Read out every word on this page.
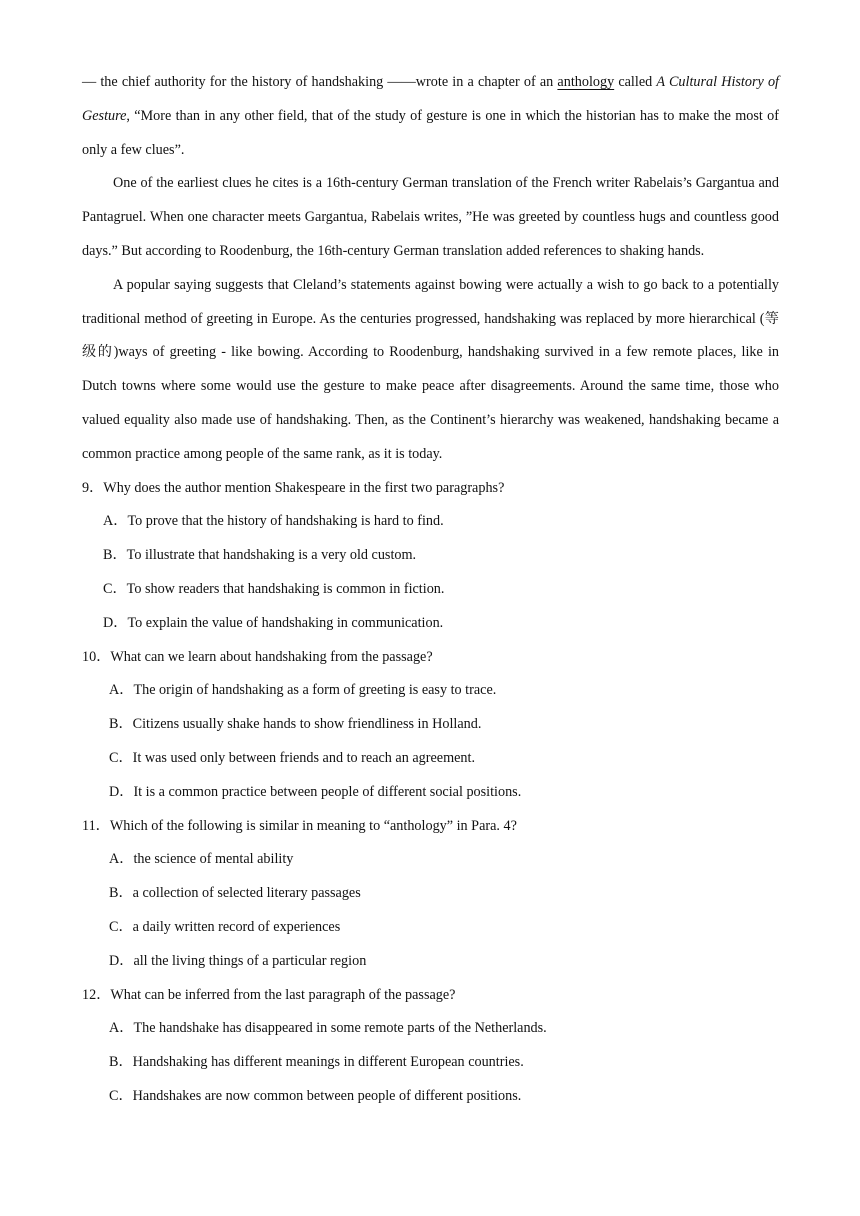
— the chief authority for the history of handshaking ——wrote in a chapter of an anthology called A Cultural History of Gesture, “More than in any other field, that of the study of gesture is one in which the historian has to make the most of only a few clues”.

One of the earliest clues he cites is a 16th-century German translation of the French writer Rabelais’s Gargantua and Pantagruel. When one character meets Gargantua, Rabelais writes, ”He was greeted by countless hugs and countless good days.” But according to Roodenburg, the 16th-century German translation added references to shaking hands.

A popular saying suggests that Cleland’s statements against bowing were actually a wish to go back to a potentially traditional method of greeting in Europe. As the centuries progressed, handshaking was replaced by more hierarchical (等级的)ways of greeting - like bowing. According to Roodenburg, handshaking survived in a few remote places, like in Dutch towns where some would use the gesture to make peace after disagreements. Around the same time, those who valued equality also made use of handshaking. Then, as the Continent’s hierarchy was weakened, handshaking became a common practice among people of the same rank, as it is today.

9．Why does the author mention Shakespeare in the first two paragraphs?

A．To prove that the history of handshaking is hard to find.

B．To illustrate that handshaking is a very old custom.

C．To show readers that handshaking is common in fiction.

D．To explain the value of handshaking in communication.

10．What can we learn about handshaking from the passage?

A．The origin of handshaking as a form of greeting is easy to trace.

B．Citizens usually shake hands to show friendliness in Holland.

C．It was used only between friends and to reach an agreement.

D．It is a common practice between people of different social positions.

11．Which of the following is similar in meaning to “anthology” in Para. 4?

A．the science of mental ability

B．a collection of selected literary passages

C．a daily written record of experiences

D．all the living things of a particular region

12．What can be inferred from the last paragraph of the passage?

A．The handshake has disappeared in some remote parts of the Netherlands.

B．Handshaking has different meanings in different European countries.

C．Handshakes are now common between people of different positions.
